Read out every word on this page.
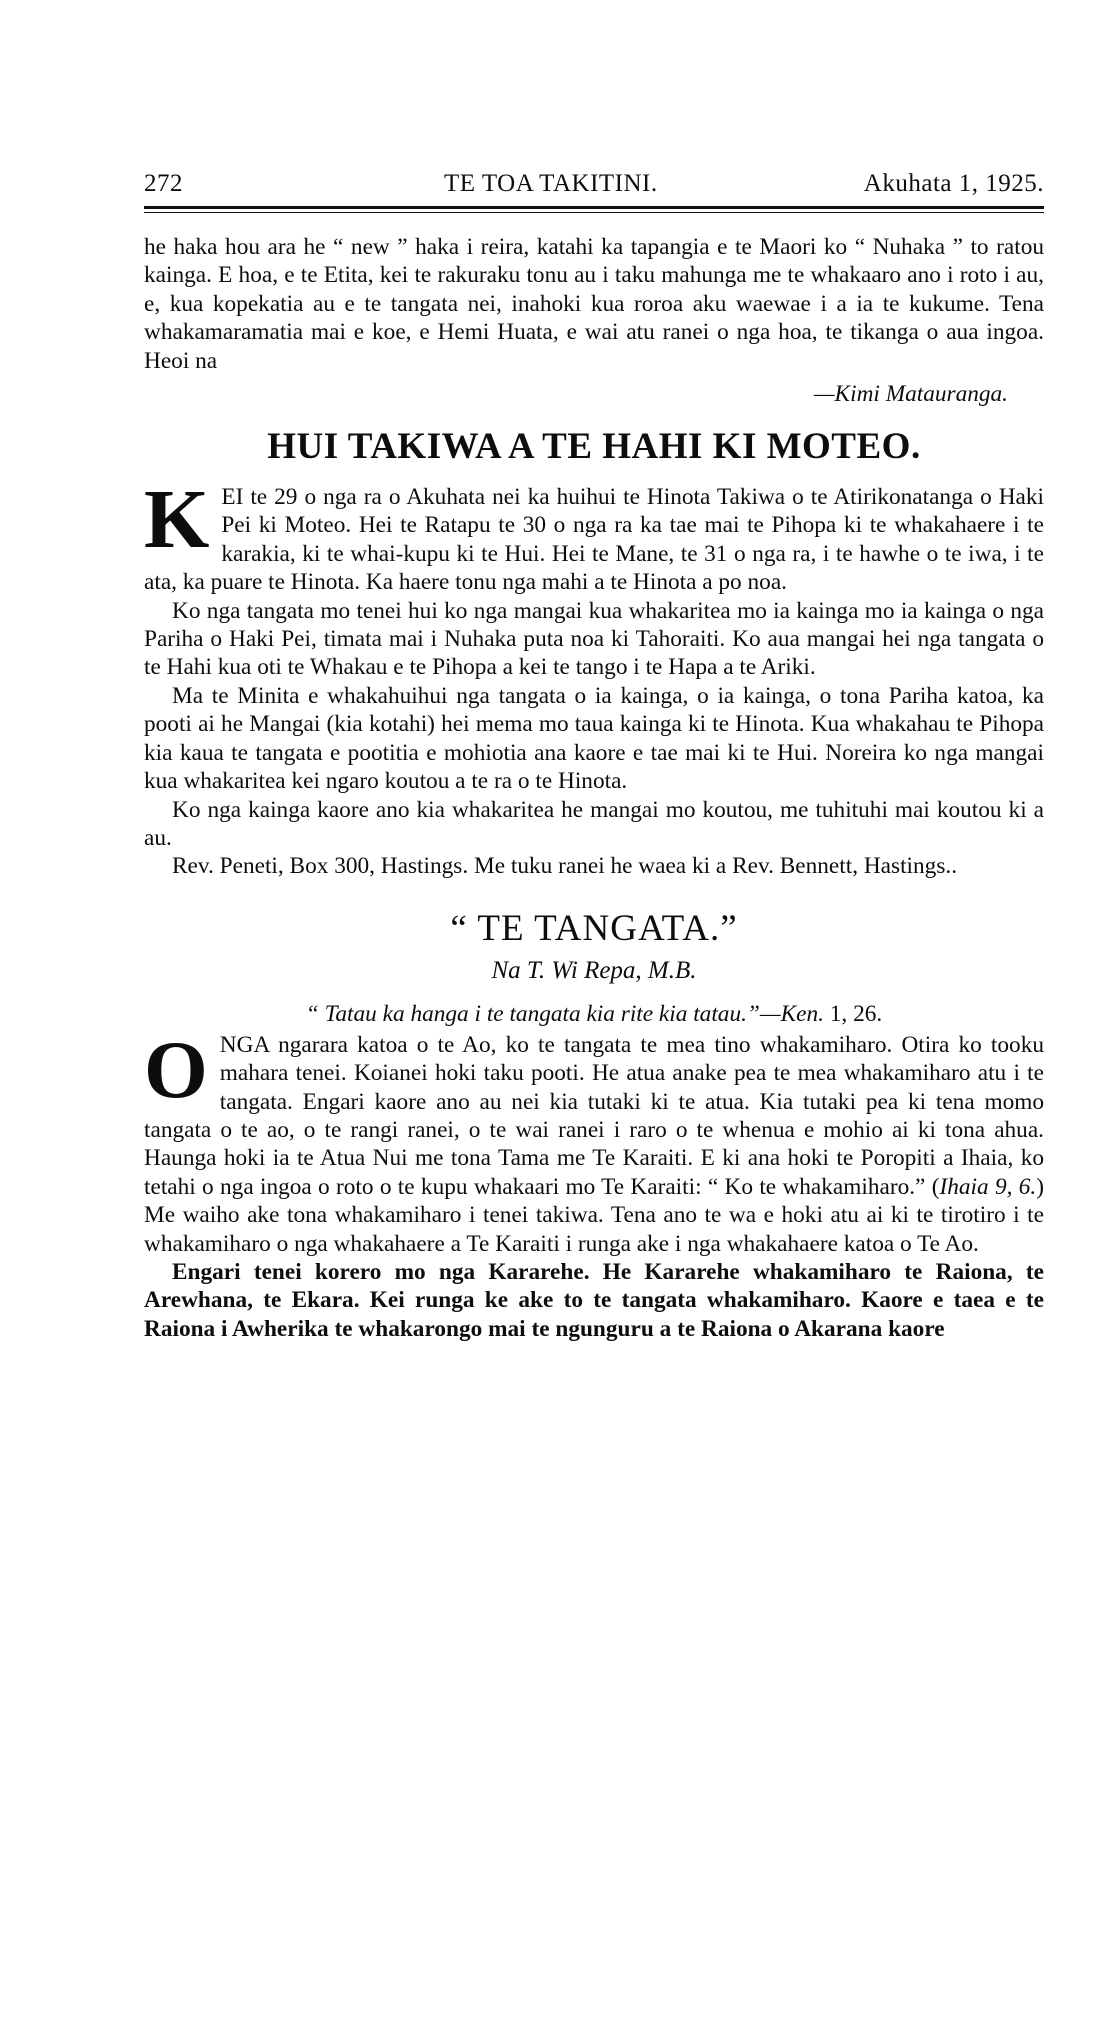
272	TE TOA TAKITINI.	Akuhata 1, 1925.

he haka hou ara he “ new ” haka i reira, katahi ka tapangia e te Maori ko “ Nuhaka ” to ratou kainga. E hoa, e te Etita, kei te rakuraku tonu au i taku mahunga me te whakaaro ano i roto i au, e, kua kopekatia au e te tangata nei, inahoki kua roroa aku waewae i a ia te kukume. Tena whakamaramatia mai e koe, e Hemi Huata, e wai atu ranei o nga hoa, te tikanga o aua ingoa. Heoi na

—Kimi Matauranga.
HUI TAKIWA A TE HAHI KI MOTEO.

KEI te 29 o nga ra o Akuhata nei ka huihui te Hinota Takiwa o te Atirikonatanga o Haki Pei ki Moteo. Hei te Ratapu te 30 o nga ra ka tae mai te Pihopa ki te whakahaere i te karakia, ki te whai-kupu ki te Hui. Hei te Mane, te 31 o nga ra, i te hawhe o te iwa, i te ata, ka puare te Hinota. Ka haere tonu nga mahi a te Hinota a po noa.

Ko nga tangata mo tenei hui ko nga mangai kua whakaritea mo ia kainga mo ia kainga o nga Pariha o Haki Pei, timata mai i Nuhaka puta noa ki Tahoraiti. Ko aua mangai hei nga tangata o te Hahi kua oti te Whakau e te Pihopa a kei te tango i te Hapa a te Ariki.

Ma te Minita e whakahuihui nga tangata o ia kainga, o ia kainga, o tona Pariha katoa, ka pooti ai he Mangai (kia kotahi) hei mema mo taua kainga ki te Hinota. Kua whakahau te Pihopa kia kaua te tangata e pootitia e mohiotia ana kaore e tae mai ki te Hui. Noreira ko nga mangai kua whakaritea kei ngaro koutou a te ra o te Hinota.

Ko nga kainga kaore ano kia whakaritea he mangai mo koutou, me tuhituhi mai koutou ki a au.

Rev. Peneti, Box 300, Hastings. Me tuku ranei he waea ki a Rev. Bennett, Hastings..

“ TE TANGATA.”
Na T. Wi Repa, M.B.
“ Tatau ka hanga i te tangata kia rite kia tatau.”—Ken. 1, 26.

ONGA ngarara katoa o te Ao, ko te tangata te mea tino whakamiharo. Otira ko tooku mahara tenei. Koianei hoki taku pooti. He atua anake pea te mea whakamiharo atu i te tangata. Engari kaore ano au nei kia tutaki ki te atua. Kia tutaki pea ki tena momo tangata o te ao, o te rangi ranei, o te wai ranei i raro o te whenua e mohio ai ki tona ahua. Haunga hoki ia te Atua Nui me tona Tama me Te Karaiti. E ki ana hoki te Poropiti a Ihaia, ko tetahi o nga ingoa o roto o te kupu whakaari mo Te Karaiti: “ Ko te whakamiharo.” (Ihaia 9, 6.) Me waiho ake tona whakamiharo i tenei takiwa. Tena ano te wa e hoki atu ai ki te tirotiro i te whakamiharo o nga whakahaere a Te Karaiti i runga ake i nga whakahaere katoa o Te Ao.

Engari tenei korero mo nga Kararehe. He Kararehe whakamiharo te Raiona, te Arewhana, te Ekara. Kei runga ke ake to te tangata whakamiharo. Kaore e taea e te Raiona i Awherika te whakarongo mai te ngunguru a te Raiona o Akarana kaore
